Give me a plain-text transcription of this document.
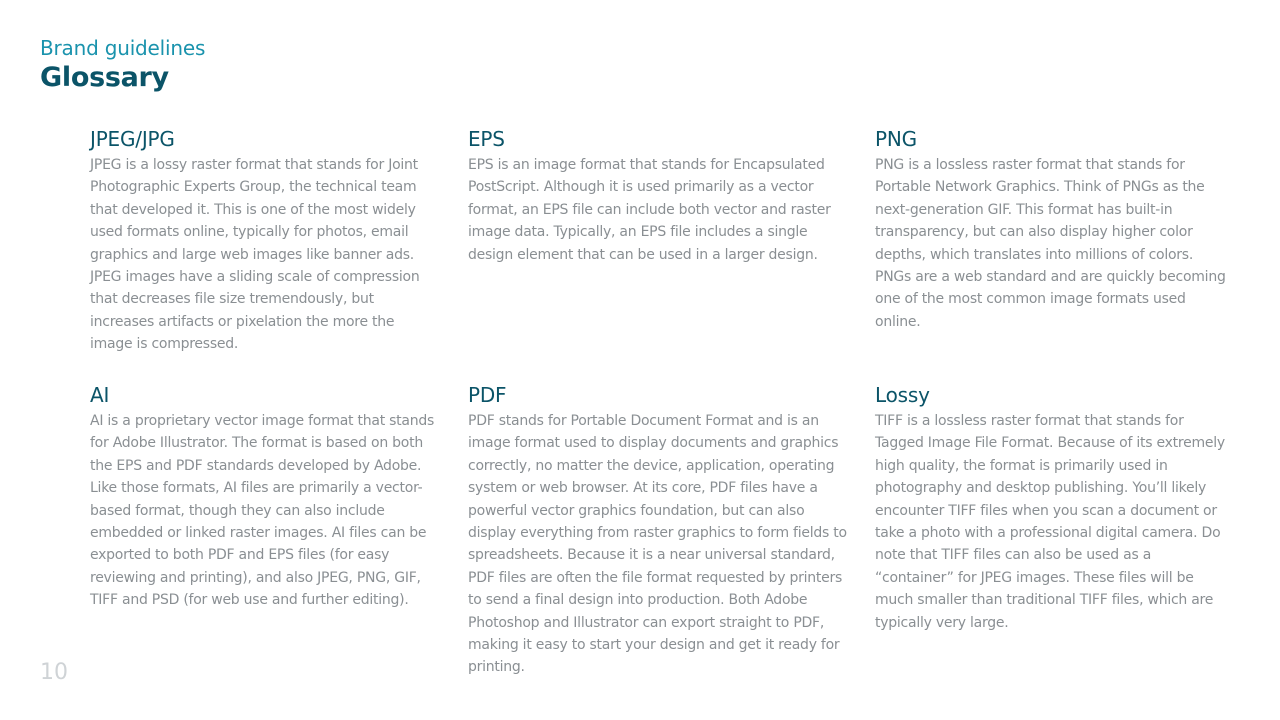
Brand guidelines
Glossary
JPEG/JPG

JPEG is a lossy raster format that stands for Joint Photographic Experts Group, the technical team that developed it. This is one of the most widely used formats online, typically for photos, email graphics and large web images like banner ads. JPEG images have a sliding scale of compression that decreases file size tremendously, but increases artifacts or pixelation the more the image is compressed.

EPS

EPS is an image format that stands for Encapsulated PostScript. Although it is used primarily as a vector format, an EPS file can include both vector and raster image data. Typically, an EPS file includes a single design element that can be used in a larger design.

PNG

PNG is a lossless raster format that stands for Portable Network Graphics. Think of PNGs as the next-generation GIF. This format has built-in transparency, but can also display higher color depths, which translates into millions of colors. PNGs are a web standard and are quickly becoming one of the most common image formats used online.

AI

AI is a proprietary vector image format that stands for Adobe Illustrator. The format is based on both the EPS and PDF standards developed by Adobe. Like those formats, AI files are primarily a vector-based format, though they can also include embedded or linked raster images. AI files can be exported to both PDF and EPS files (for easy reviewing and printing), and also JPEG, PNG, GIF, TIFF and PSD (for web use and further editing).

PDF

PDF stands for Portable Document Format and is an image format used to display documents and graphics correctly, no matter the device, application, operating system or web browser. At its core, PDF files have a powerful vector graphics foundation, but can also display everything from raster graphics to form fields to spreadsheets. Because it is a near universal standard, PDF files are often the file format requested by printers to send a final design into production. Both Adobe Photoshop and Illustrator can export straight to PDF, making it easy to start your design and get it ready for printing.

Lossy

TIFF is a lossless raster format that stands for Tagged Image File Format. Because of its extremely high quality, the format is primarily used in photography and desktop publishing. You’ll likely encounter TIFF files when you scan a document or take a photo with a professional digital camera. Do note that TIFF files can also be used as a “container” for JPEG images. These files will be much smaller than traditional TIFF files, which are typically very large.

10
